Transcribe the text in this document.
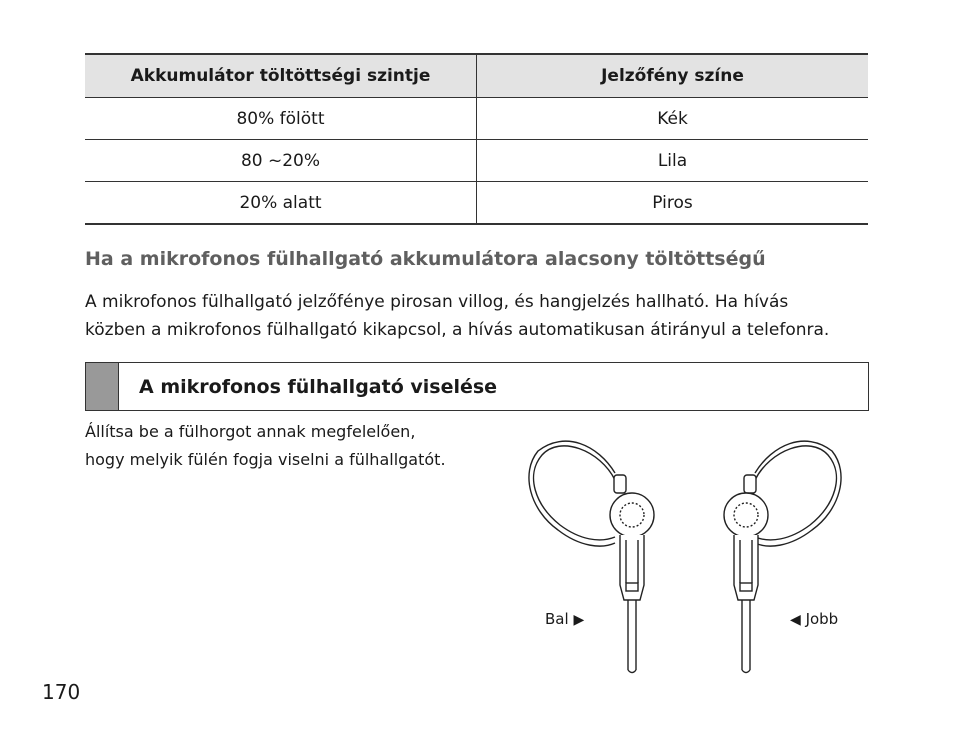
Akkumulátor töltöttségi szintje	Jelzőfény színe
80% fölött	Kék
80 ~20%	Lila
20% alatt	Piros
Ha a mikrofonos fülhallgató akkumulátora alacsony töltöttségű
A mikrofonos fülhallgató jelzőfénye pirosan villog, és hangjelzés hallható. Ha hívás
közben a mikrofonos fülhallgató kikapcsol, a hívás automatikusan átirányul a telefonra.
A mikrofonos fülhallgató viselése
Állítsa be a fülhorgot annak megfelelően,
hogy melyik fülén fogja viselni a fülhallgatót.
Bal ▶	◀ Jobb
170
